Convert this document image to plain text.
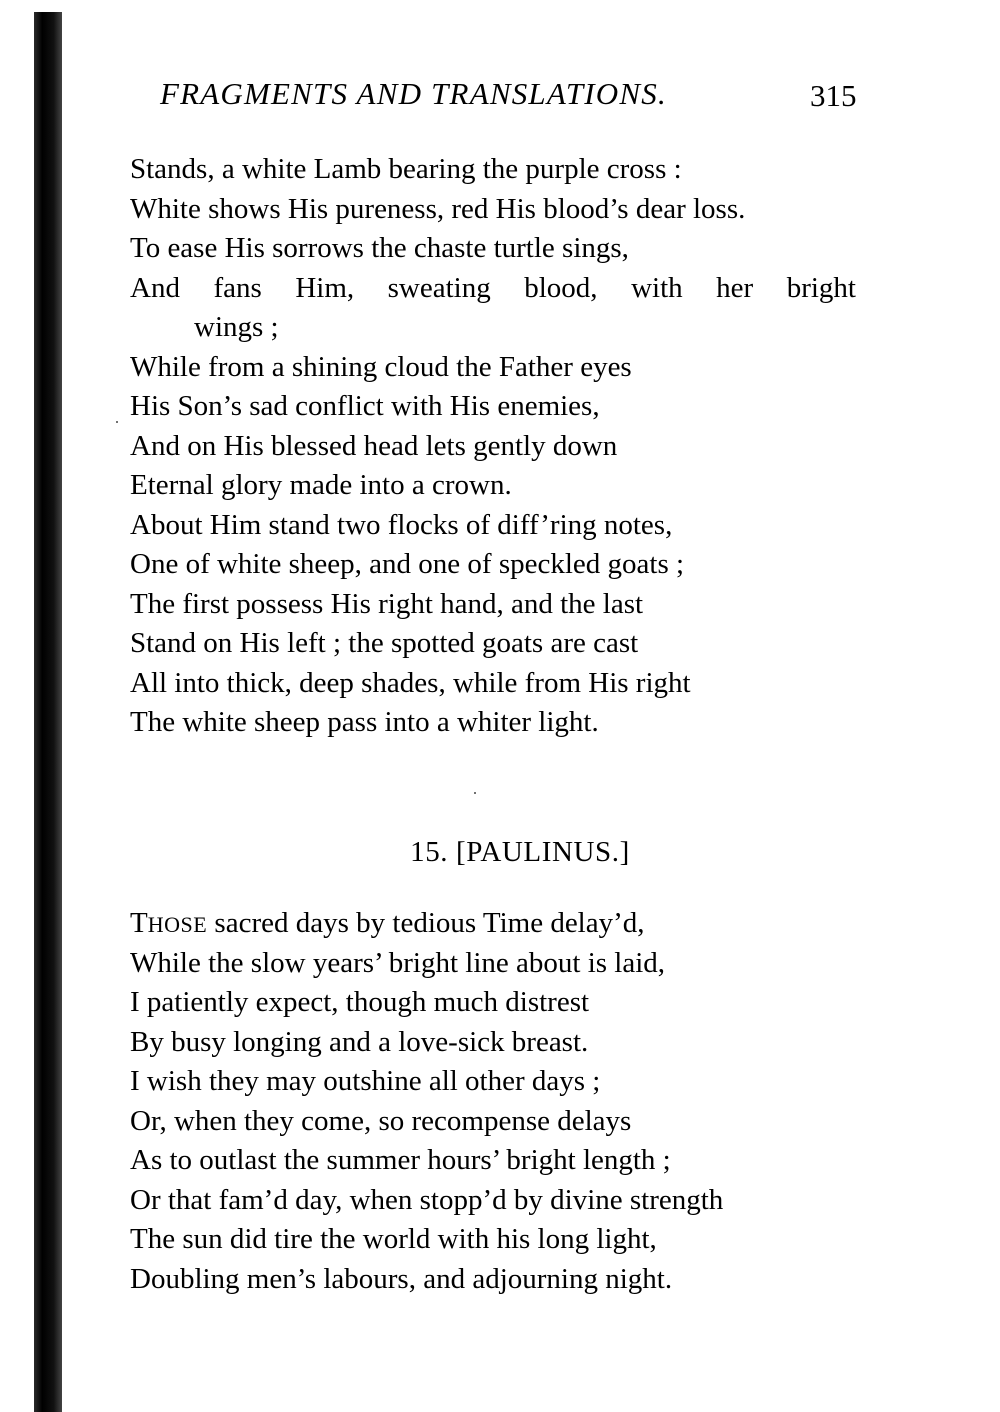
FRAGMENTS AND TRANSLATIONS.	315
Stands, a white Lamb bearing the purple cross :
White shows His pureness, red His blood’s dear loss.
To ease His sorrows the chaste turtle sings,
And fans Him, sweating blood, with her bright
wings ;
While from a shining cloud the Father eyes
His Son’s sad conflict with His enemies,
And on His blessed head lets gently down
Eternal glory made into a crown.
About Him stand two flocks of diff’ring notes,
One of white sheep, and one of speckled goats ;
The first possess His right hand, and the last
Stand on His left ; the spotted goats are cast
All into thick, deep shades, while from His right
The white sheep pass into a whiter light.
15. [PAULINUS.]
THOSE sacred days by tedious Time delay’d,
While the slow years’ bright line about is laid,
I patiently expect, though much distrest
By busy longing and a love-sick breast.
I wish they may outshine all other days ;
Or, when they come, so recompense delays
As to outlast the summer hours’ bright length ;
Or that fam’d day, when stopp’d by divine strength
The sun did tire the world with his long light,
Doubling men’s labours, and adjourning night.
